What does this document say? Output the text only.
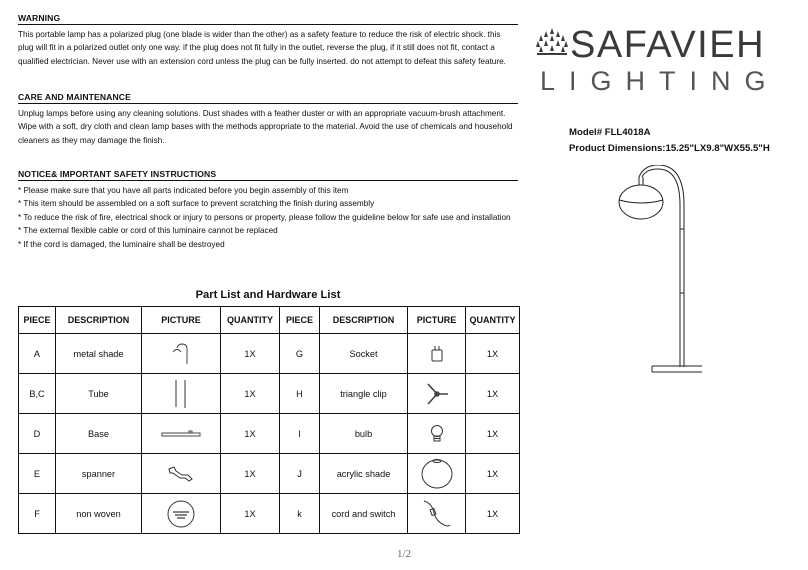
WARNING
This portable lamp has a polarized plug (one blade is wider than the other) as a safety feature to reduce the risk of electric shock. this plug will fit in a polarized outlet only one way. if the plug does not fit fully in the outlet, reverse the plug, if it still does not fit, contact a qualified electrician. Never use with an extension cord unless the plug can be fully inserted. do not attempt to defeat this safety feature.
CARE AND MAINTENANCE
Unplug lamps before using any cleaning solutions. Dust shades with a feather duster or with an appropriate vacuum-brush attachment. Wipe with a soft, dry cloth and clean lamp bases with the methods appropriate to the material. Avoid the use of chemicals and household cleaners as they may damage the finish.
NOTICE& IMPORTANT SAFETY INSTRUCTIONS
* Please make sure that you have all parts indicated before you begin assembly of this item
* This item should be assembled on a soft surface to prevent scratching the finish during assembly
* To reduce the risk of fire, electrical shock or injury to persons or property, please follow the guideline below for safe use and installation
* The external flexible cable or cord of this luminaire cannot be replaced
* If the cord is damaged, the luminaire shall be destroyed
SAFAVIEH
LIGHTING
Model# FLL4018A
Product Dimensions:15.25"LX9.8"WX55.5"H
Part List and Hardware List
PIECE	DESCRIPTION	PICTURE	QUANTITY	PIECE	DESCRIPTION	PICTURE	QUANTITY
A	metal shade		1X	G	Socket		1X
B,C	Tube		1X	H	triangle clip		1X
D	Base		1X	I	bulb		1X
E	spanner		1X	J	acrylic shade		1X
F	non woven		1X	k	cord and switch		1X
1/2
